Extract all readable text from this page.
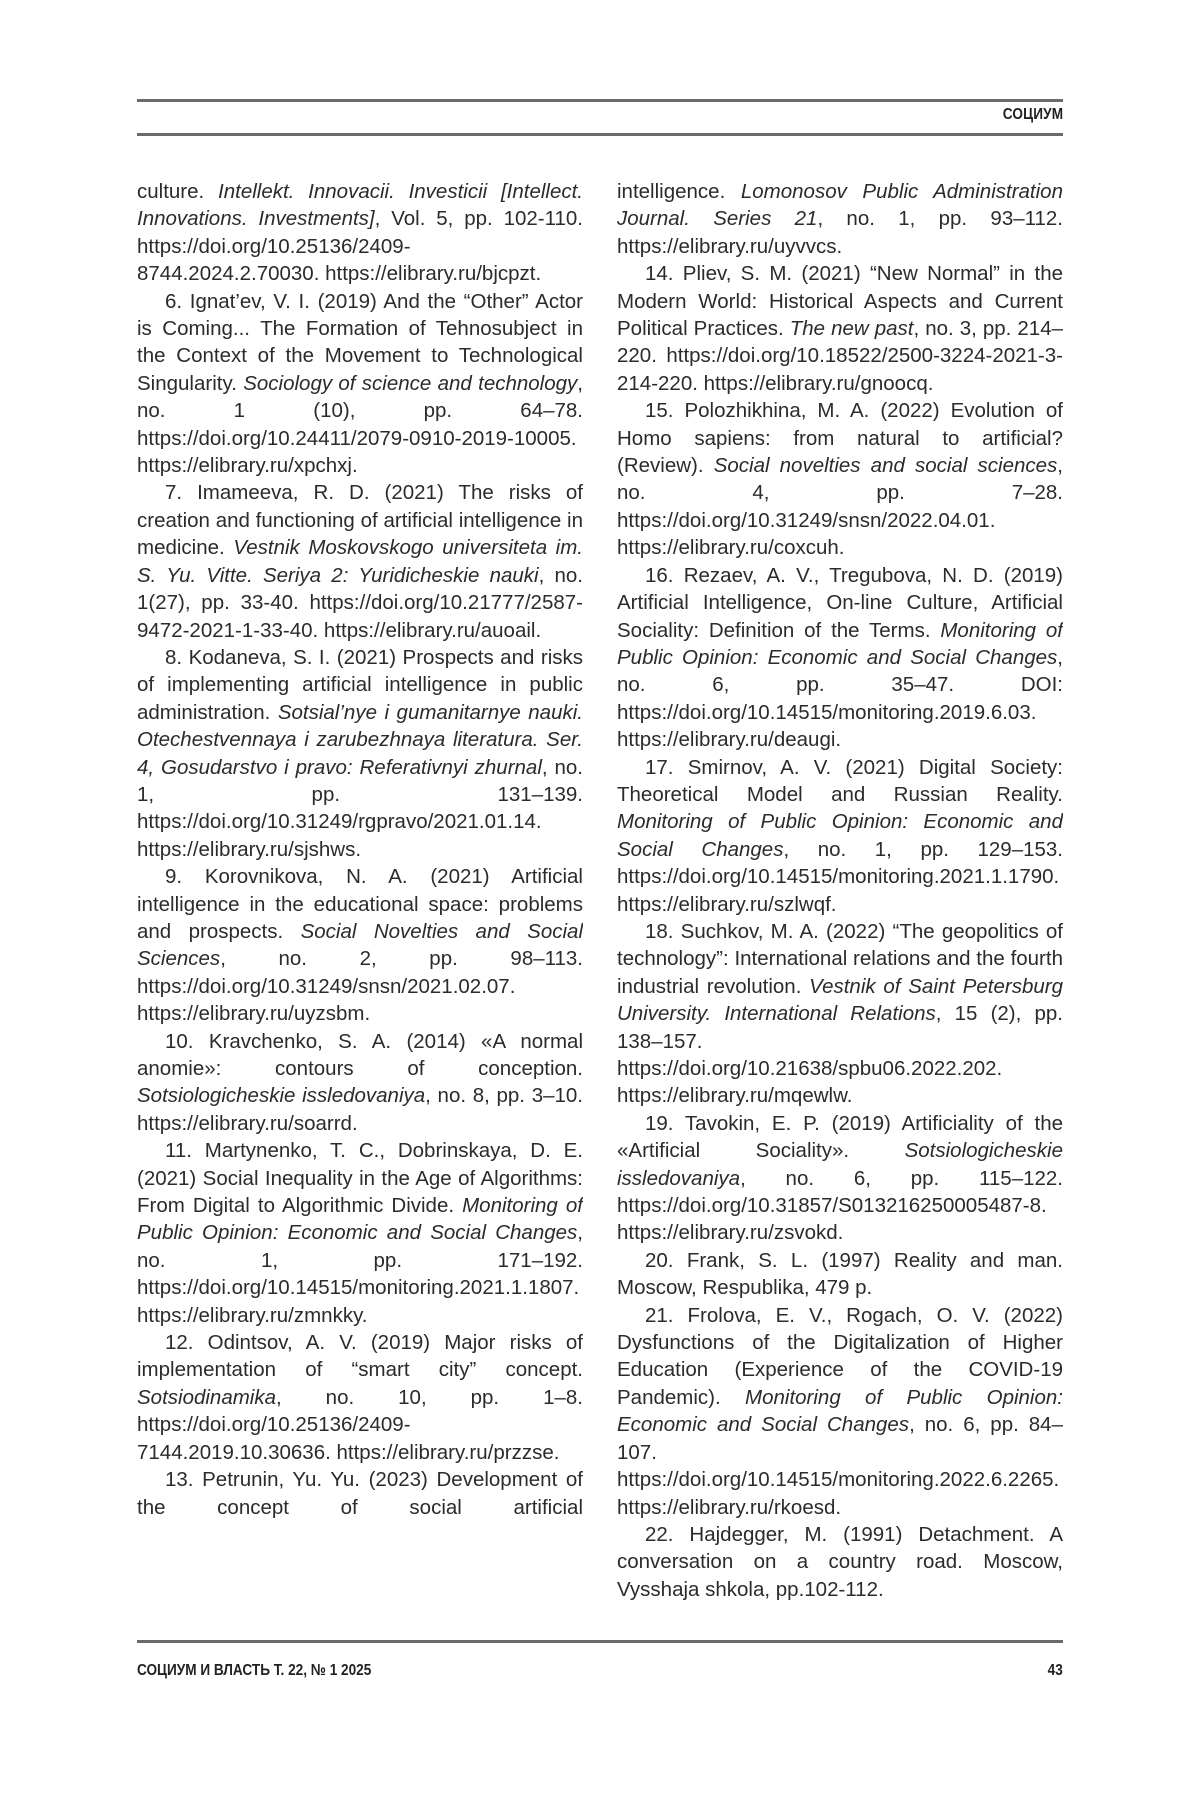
СОЦИУМ

culture. Intellekt. Innovacii. Investicii [Intellect. Innovations. Investments], Vol. 5, pp. 102-110. https://doi.org/10.25136/2409-8744.2024.2.70030. https://elibrary.ru/bjcpzt.

6. Ignat’ev, V. I. (2019) And the “Other” Actor is Coming... The Formation of Tehnosubject in the Context of the Movement to Technological Singularity. Sociology of science and technology, no. 1 (10), pp. 64–78. https://doi.org/10.24411/2079-0910-2019-10005. https://elibrary.ru/xpchxj.

7. Imameeva, R. D. (2021) The risks of creation and functioning of artificial intelligence in medicine. Vestnik Moskovskogo universiteta im. S. Yu. Vitte. Seriya 2: Yuridicheskie nauki, no. 1(27), pp. 33-40. https://doi.org/10.21777/2587-9472-2021-1-33-40. https://elibrary.ru/auoail.

8. Kodaneva, S. I. (2021) Prospects and risks of implementing artificial intelligence in public administration. Sotsial’nye i gumanitarnye nauki. Otechestvennaya i zarubezhnaya literatura. Ser. 4, Gosudarstvo i pravo: Referativnyi zhurnal, no. 1, pp. 131–139. https://doi.org/10.31249/rgpravo/2021.01.14. https://elibrary.ru/sjshws.

9. Korovnikova, N. A. (2021) Artificial intelligence in the educational space: problems and prospects. Social Novelties and Social Sciences, no. 2, pp. 98–113. https://doi.org/10.31249/snsn/2021.02.07. https://elibrary.ru/uyzsbm.

10. Kravchenko, S. A. (2014) «A normal anomie»: contours of conception. Sotsiologicheskie issledovaniya, no. 8, pp. 3–10. https://elibrary.ru/soarrd.

11. Martynenko, T. C., Dobrinskaya, D. E. (2021) Social Inequality in the Age of Algorithms: From Digital to Algorithmic Divide. Monitoring of Public Opinion: Economic and Social Changes, no. 1, pp. 171–192. https://doi.org/10.14515/monitoring.2021.1.1807. https://elibrary.ru/zmnkky.

12. Odintsov, A. V. (2019) Major risks of implementation of “smart city” concept. Sotsiodinamika, no. 10, pp. 1–8. https://doi.org/10.25136/2409-7144.2019.10.30636. https://elibrary.ru/przzse.

13. Petrunin, Yu. Yu. (2023) Development of the concept of social artificial

intelligence. Lomonosov Public Administration Journal. Series 21, no. 1, pp. 93–112. https://elibrary.ru/uyvvcs.

14. Pliev, S. M. (2021) “New Normal” in the Modern World: Historical Aspects and Current Political Practices. The new past, no. 3, pp. 214–220. https://doi.org/10.18522/2500-3224-2021-3-214-220. https://elibrary.ru/gnoocq.

15. Polozhikhina, M. A. (2022) Evolution of Homo sapiens: from natural to artificial? (Review). Social novelties and social sciences, no. 4, pp. 7–28. https://doi.org/10.31249/snsn/2022.04.01. https://elibrary.ru/coxcuh.

16. Rezaev, A. V., Tregubova, N. D. (2019) Artificial Intelligence, On-line Culture, Artificial Sociality: Definition of the Terms. Monitoring of Public Opinion: Economic and Social Changes, no. 6, pp. 35–47. DOI: https://doi.org/10.14515/monitoring.2019.6.03. https://elibrary.ru/deaugi.

17. Smirnov, A. V. (2021) Digital Society: Theoretical Model and Russian Reality. Monitoring of Public Opinion: Economic and Social Changes, no. 1, pp. 129–153. https://doi.org/10.14515/monitoring.2021.1.1790. https://elibrary.ru/szlwqf.

18. Suchkov, M. A. (2022) “The geopolitics of technology”: International relations and the fourth industrial revolution. Vestnik of Saint Petersburg University. International Relations, 15 (2), pp. 138–157. https://doi.org/10.21638/spbu06.2022.202. https://elibrary.ru/mqewlw.

19. Tavokin, E. P. (2019) Artificiality of the «Artificial Sociality». Sotsiologicheskie issledovaniya, no. 6, pp. 115–122. https://doi.org/10.31857/S013216250005487-8. https://elibrary.ru/zsvokd.

20. Frank, S. L. (1997) Reality and man. Moscow, Respublika, 479 p.

21. Frolova, E. V., Rogach, O. V. (2022) Dysfunctions of the Digitalization of Higher Education (Experience of the COVID-19 Pandemic). Monitoring of Public Opinion: Economic and Social Changes, no. 6, pp. 84–107. https://doi.org/10.14515/monitoring.2022.6.2265. https://elibrary.ru/rkoesd.

22. Hajdegger, M. (1991) Detachment. A conversation on a country road. Moscow, Vysshaja shkola, pp.102-112.

СОЦИУМ И ВЛАСТЬ Т. 22, № 1 2025	43
